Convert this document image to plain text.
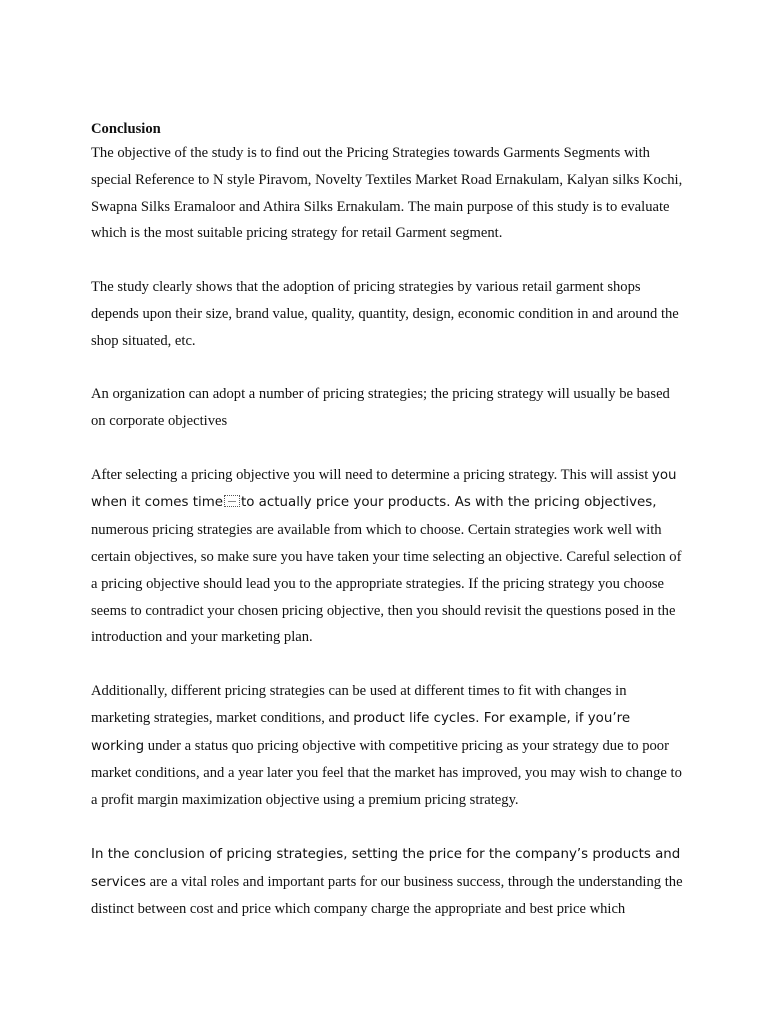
Conclusion

The objective of the study is to find out the Pricing Strategies towards Garments Segments with special Reference to N style Piravom, Novelty Textiles Market Road Ernakulam, Kalyan silks Kochi, Swapna Silks Eramaloor and Athira Silks Ernakulam. The main purpose of this study is to evaluate which is the most suitable pricing strategy for retail Garment segment.

The study clearly shows that the adoption of pricing strategies by various retail garment shops depends upon their size, brand value, quality, quantity, design, economic condition in and around the shop situated, etc.

An organization can adopt a number of pricing strategies; the pricing strategy will usually be based on corporate objectives

After selecting a pricing objective you will need to determine a pricing strategy. This will assist you when it comes time to actually price your products. As with the pricing objectives, numerous pricing strategies are available from which to choose. Certain strategies work well with certain objectives, so make sure you have taken your time selecting an objective. Careful selection of a pricing objective should lead you to the appropriate strategies. If the pricing strategy you choose seems to contradict your chosen pricing objective, then you should revisit the questions posed in the introduction and your marketing plan.

Additionally, different pricing strategies can be used at different times to fit with changes in marketing strategies, market conditions, and product life cycles. For example, if you’re working under a status quo pricing objective with competitive pricing as your strategy due to poor market conditions, and a year later you feel that the market has improved, you may wish to change to a profit margin maximization objective using a premium pricing strategy.

In the conclusion of pricing strategies, setting the price for the company’s products and services are a vital roles and important parts for our business success, through the understanding the distinct between cost and price which company charge the appropriate and best price which
